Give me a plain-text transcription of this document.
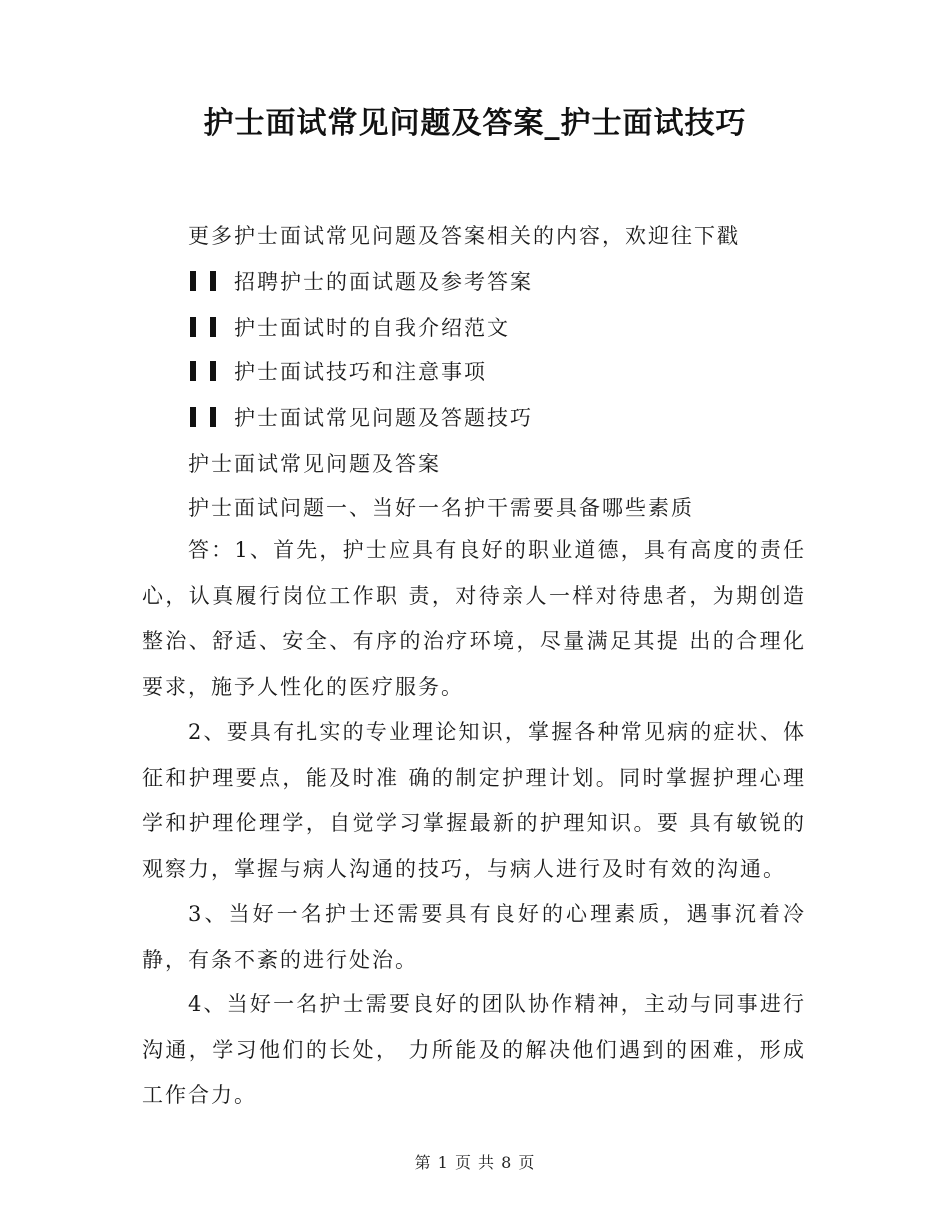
护士面试常见问题及答案_护士面试技巧
更多护士面试常见问题及答案相关的内容，欢迎往下戳
招聘护士的面试题及参考答案
护士面试时的自我介绍范文
护士面试技巧和注意事项
护士面试常见问题及答题技巧
护士面试常见问题及答案
护士面试问题一、当好一名护干需要具备哪些素质
答：1、首先，护士应具有良好的职业道德，具有高度的责任心，认真履行岗位工作职 责，对待亲人一样对待患者，为期创造整治、舒适、安全、有序的治疗环境，尽量满足其提 出的合理化要求，施予人性化的医疗服务。
2、要具有扎实的专业理论知识，掌握各种常见病的症状、体征和护理要点，能及时准 确的制定护理计划。同时掌握护理心理学和护理伦理学，自觉学习掌握最新的护理知识。要 具有敏锐的观察力，掌握与病人沟通的技巧，与病人进行及时有效的沟通。
3、当好一名护士还需要具有良好的心理素质，遇事沉着冷静，有条不紊的进行处治。
4、当好一名护士需要良好的团队协作精神，主动与同事进行沟通，学习他们的长处， 力所能及的解决他们遇到的困难，形成工作合力。
第 1 页 共 8 页
